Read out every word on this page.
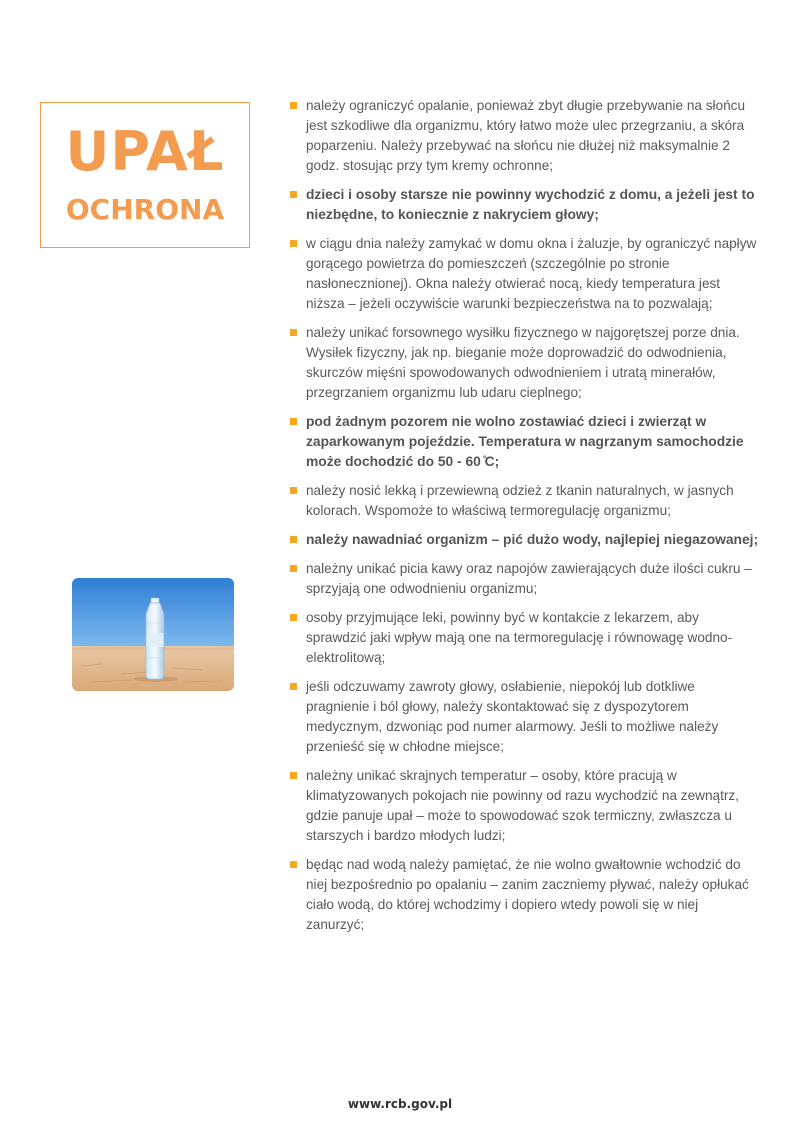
UPAŁ
OCHRONA
należy ograniczyć opalanie, ponieważ zbyt długie przebywanie na słońcu jest szkodliwe dla organizmu, który łatwo może ulec przegrzaniu, a skóra poparzeniu. Należy przebywać na słońcu nie dłużej niż maksymalnie 2 godz. stosując przy tym kremy ochronne;
dzieci i osoby starsze nie powinny wychodzić z domu, a jeżeli jest to niezbędne, to koniecznie z nakryciem głowy;
w ciągu dnia należy zamykać w domu okna i żaluzje, by ograniczyć napływ gorącego powietrza do pomieszczeń (szczególnie po stronie nasłonecznionej). Okna należy otwierać nocą, kiedy temperatura jest niższa – jeżeli oczywiście warunki bezpieczeństwa na to pozwalają;
należy unikać forsownego wysiłku fizycznego w najgorętszej porze dnia. Wysiłek fizyczny, jak np. bieganie może doprowadzić do odwodnienia, skurczów mięśni spowodowanych odwodnieniem i utratą minerałów, przegrzaniem organizmu lub udaru cieplnego;
pod żadnym pozorem nie wolno zostawiać dzieci i zwierząt w zaparkowanym pojeździe. Temperatura w nagrzanym samochodzie może dochodzić do 50 - 60 ̊C;
należy nosić lekką i przewiewną odzież z tkanin naturalnych, w jasnych kolorach. Wspomoże to właściwą termoregulację organizmu;
należy nawadniać organizm – pić dużo wody, najlepiej niegazowanej;
należny unikać picia kawy oraz napojów zawierających duże ilości cukru – sprzyjają one odwodnieniu organizmu;
osoby przyjmujące leki, powinny być w kontakcie z lekarzem, aby sprawdzić jaki wpływ mają one na termoregulację i równowagę wodno-elektrolitową;
jeśli odczuwamy zawroty głowy, osłabienie, niepokój lub dotkliwe pragnienie i ból głowy, należy skontaktować się z dyspozytorem medycznym, dzwoniąc pod numer alarmowy. Jeśli to możliwe należy przenieść się w chłodne miejsce;
należny unikać skrajnych temperatur – osoby, które pracują w klimatyzowanych pokojach nie powinny od razu wychodzić na zewnątrz, gdzie panuje upał – może to spowodować szok termiczny, zwłaszcza u starszych i bardzo młodych ludzi;
będąc nad wodą należy pamiętać, że nie wolno gwałtownie wchodzić do niej bezpośrednio po opalaniu – zanim zaczniemy pływać, należy opłukać ciało wodą, do której wchodzimy i dopiero wtedy powoli się w niej zanurzyć;
www.rcb.gov.pl
